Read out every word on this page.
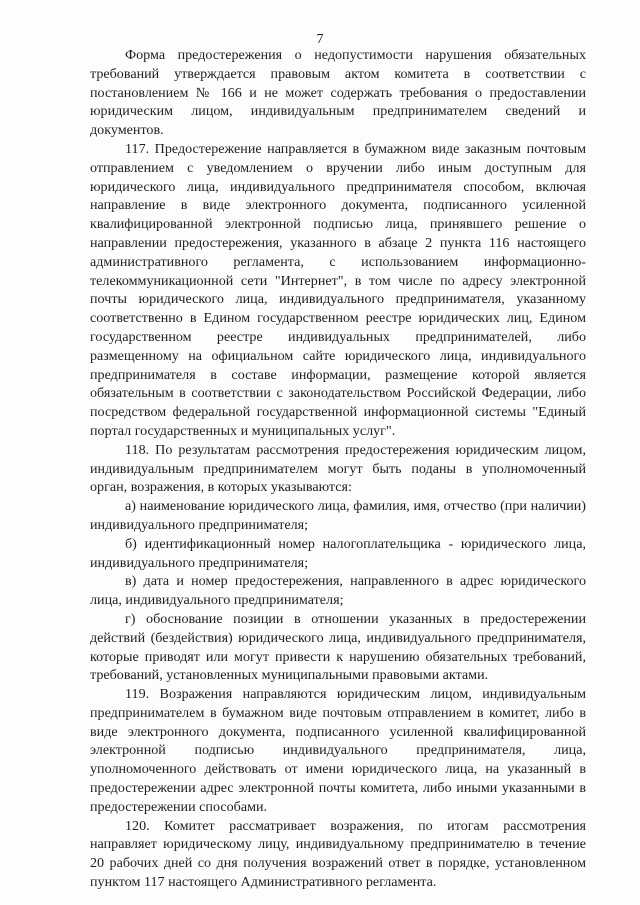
7

Форма предостережения о недопустимости нарушения обязательных требований утверждается правовым актом комитета в соответствии с постановлением № 166 и не может содержать требования о предоставлении юридическим лицом, индивидуальным предпринимателем сведений и документов.

117. Предостережение направляется в бумажном виде заказным почтовым отправлением с уведомлением о вручении либо иным доступным для юридического лица, индивидуального предпринимателя способом, включая направление в виде электронного документа, подписанного усиленной квалифицированной электронной подписью лица, принявшего решение о направлении предостережения, указанного в абзаце 2 пункта 116 настоящего административного регламента, с использованием информационно-телекоммуникационной сети "Интернет", в том числе по адресу электронной почты юридического лица, индивидуального предпринимателя, указанному соответственно в Едином государственном реестре юридических лиц, Едином государственном реестре индивидуальных предпринимателей, либо размещенному на официальном сайте юридического лица, индивидуального предпринимателя в составе информации, размещение которой является обязательным в соответствии с законодательством Российской Федерации, либо посредством федеральной государственной информационной системы "Единый портал государственных и муниципальных услуг".

118. По результатам рассмотрения предостережения юридическим лицом, индивидуальным предпринимателем могут быть поданы в уполномоченный орган, возражения, в которых указываются:

а) наименование юридического лица, фамилия, имя, отчество (при наличии) индивидуального предпринимателя;

б) идентификационный номер налогоплательщика - юридического лица, индивидуального предпринимателя;

в) дата и номер предостережения, направленного в адрес юридического лица, индивидуального предпринимателя;

г) обоснование позиции в отношении указанных в предостережении действий (бездействия) юридического лица, индивидуального предпринимателя, которые приводят или могут привести к нарушению обязательных требований, требований, установленных муниципальными правовыми актами.

119. Возражения направляются юридическим лицом, индивидуальным предпринимателем в бумажном виде почтовым отправлением в комитет, либо в виде электронного документа, подписанного усиленной квалифицированной электронной подписью индивидуального предпринимателя, лица, уполномоченного действовать от имени юридического лица, на указанный в предостережении адрес электронной почты комитета, либо иными указанными в предостережении способами.

120. Комитет рассматривает возражения, по итогам рассмотрения направляет юридическому лицу, индивидуальному предпринимателю в течение 20 рабочих дней со дня получения возражений ответ в порядке, установленном пунктом 117 настоящего Административного регламента.
